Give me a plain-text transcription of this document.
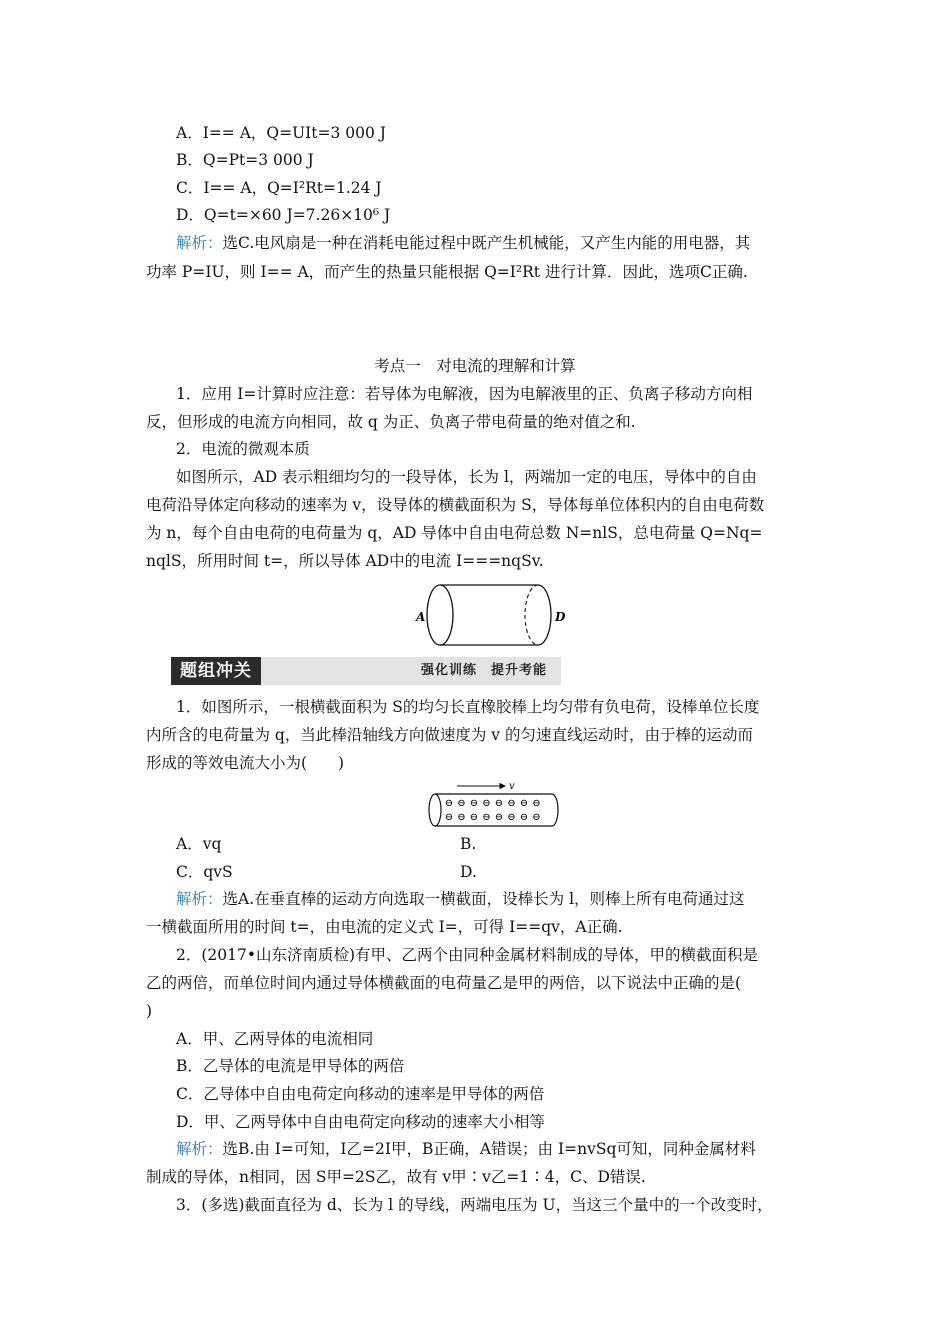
A．I== A，Q=UIt=3 000 J
B．Q=Pt=3 000 J
C．I== A，Q=I²Rt=1.24 J
D．Q=t=×60 J=7.26×10⁶ J
解析：选C.电风扇是一种在消耗电能过程中既产生机械能，又产生内能的用电器，其
功率 P=IU，则 I== A，而产生的热量只能根据 Q=I²Rt 进行计算．因此，选项C正确.
考点一　对电流的理解和计算
1．应用 I=计算时应注意：若导体为电解液，因为电解液里的正、负离子移动方向相
反，但形成的电流方向相同，故 q 为正、负离子带电荷量的绝对值之和.
2．电流的微观本质
如图所示，AD 表示粗细均匀的一段导体，长为 l，两端加一定的电压，导体中的自由
电荷沿导体定向移动的速率为 v，设导体的横截面积为 S，导体每单位体积内的自由电荷数
为 n，每个自由电荷的电荷量为 q，AD 导体中自由电荷总数 N=nlS，总电荷量 Q=Nq=
nqlS，所用时间 t=，所以导体 AD中的电流 I===nqSv.
A	D
题组冲关	强化训练　提升考能
1．如图所示，一根横截面积为 S的均匀长直橡胶棒上均匀带有负电荷，设棒单位长度
内所含的电荷量为 q，当此棒沿轴线方向做速度为 v 的匀速直线运动时，由于棒的运动而
形成的等效电流大小为(　　)
v
⊖ ⊖ ⊖ ⊖ ⊖ ⊖ ⊖ ⊖
⊖ ⊖ ⊖ ⊖ ⊖ ⊖ ⊖ ⊖
A．vq	B.
C．qvS	D.
解析：选A.在垂直棒的运动方向选取一横截面，设棒长为 l，则棒上所有电荷通过这
一横截面所用的时间 t=，由电流的定义式 I=，可得 I==qv，A正确.
2．(2017•山东济南质检)有甲、乙两个由同种金属材料制成的导体，甲的横截面积是
乙的两倍，而单位时间内通过导体横截面的电荷量乙是甲的两倍，以下说法中正确的是(
)
A．甲、乙两导体的电流相同
B．乙导体的电流是甲导体的两倍
C．乙导体中自由电荷定向移动的速率是甲导体的两倍
D．甲、乙两导体中自由电荷定向移动的速率大小相等
解析：选B.由 I=可知，I乙=2I甲，B正确，A错误；由 I=nvSq可知，同种金属材料
制成的导体，n相同，因 S甲=2S乙，故有 v甲∶v乙=1∶4，C、D错误.
3．(多选)截面直径为 d、长为 l 的导线，两端电压为 U，当这三个量中的一个改变时，
